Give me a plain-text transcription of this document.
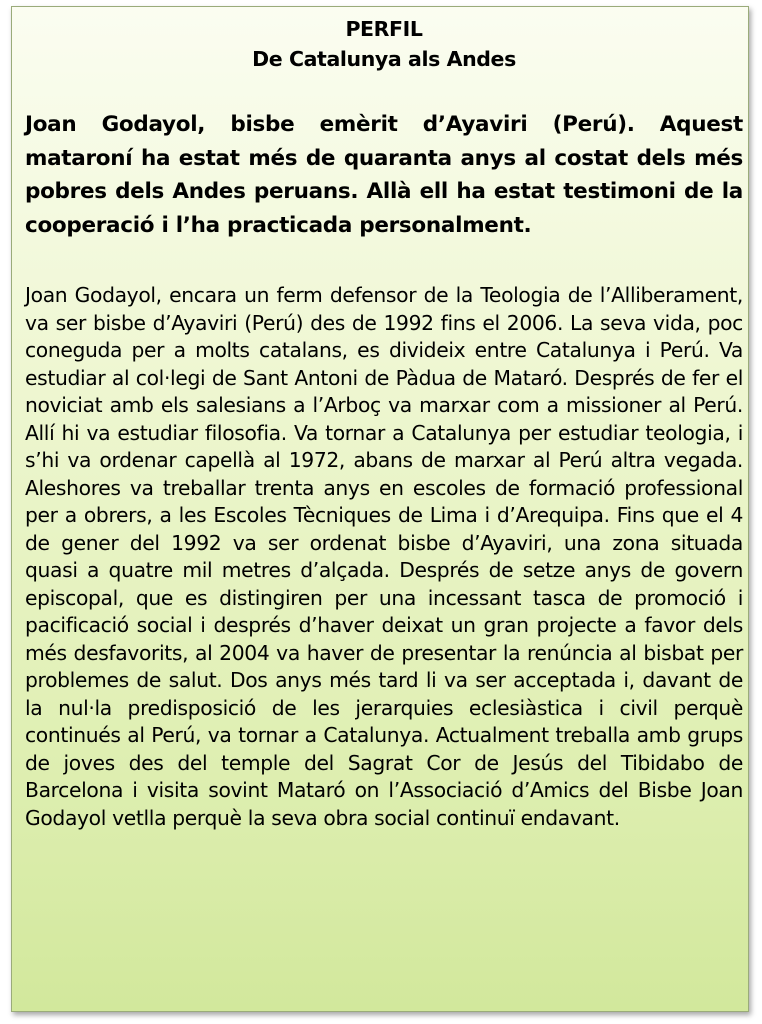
PERFIL
De Catalunya als Andes
Joan Godayol, bisbe emèrit d’Ayaviri (Perú). Aquest mataroní ha estat més de quaranta anys al costat dels més pobres dels Andes peruans. Allà ell ha estat testimoni de la cooperació i l’ha practicada personalment.
Joan Godayol, encara un ferm defensor de la Teologia de l’Alliberament, va ser bisbe d’Ayaviri (Perú) des de 1992 fins el 2006. La seva vida, poc coneguda per a molts catalans, es divideix entre Catalunya i Perú. Va estudiar al col·legi de Sant Antoni de Pàdua de Mataró. Després de fer el noviciat amb els salesians a l’Arboç va marxar com a missioner al Perú. Allí hi va estudiar filosofia. Va tornar a Catalunya per estudiar teologia, i s’hi va ordenar capellà al 1972, abans de marxar al Perú altra vegada. Aleshores va treballar trenta anys en escoles de formació professional per a obrers, a les Escoles Tècniques de Lima i d’Arequipa. Fins que el 4 de gener del 1992 va ser ordenat bisbe d’Ayaviri, una zona situada quasi a quatre mil metres d’alçada. Després de setze anys de govern episcopal, que es distingiren per una incessant tasca de promoció i pacificació social i després d’haver deixat un gran projecte a favor dels més desfavorits, al 2004 va haver de presentar la renúncia al bisbat per problemes de salut. Dos anys més tard li va ser acceptada i, davant de la nul·la predisposició de les jerarquies eclesiàstica i civil perquè continués al Perú, va tornar a Catalunya. Actualment treballa amb grups de joves des del temple del Sagrat Cor de Jesús del Tibidabo de Barcelona i visita sovint Mataró on l’Associació d’Amics del Bisbe Joan Godayol vetlla perquè la seva obra social continuï endavant.
